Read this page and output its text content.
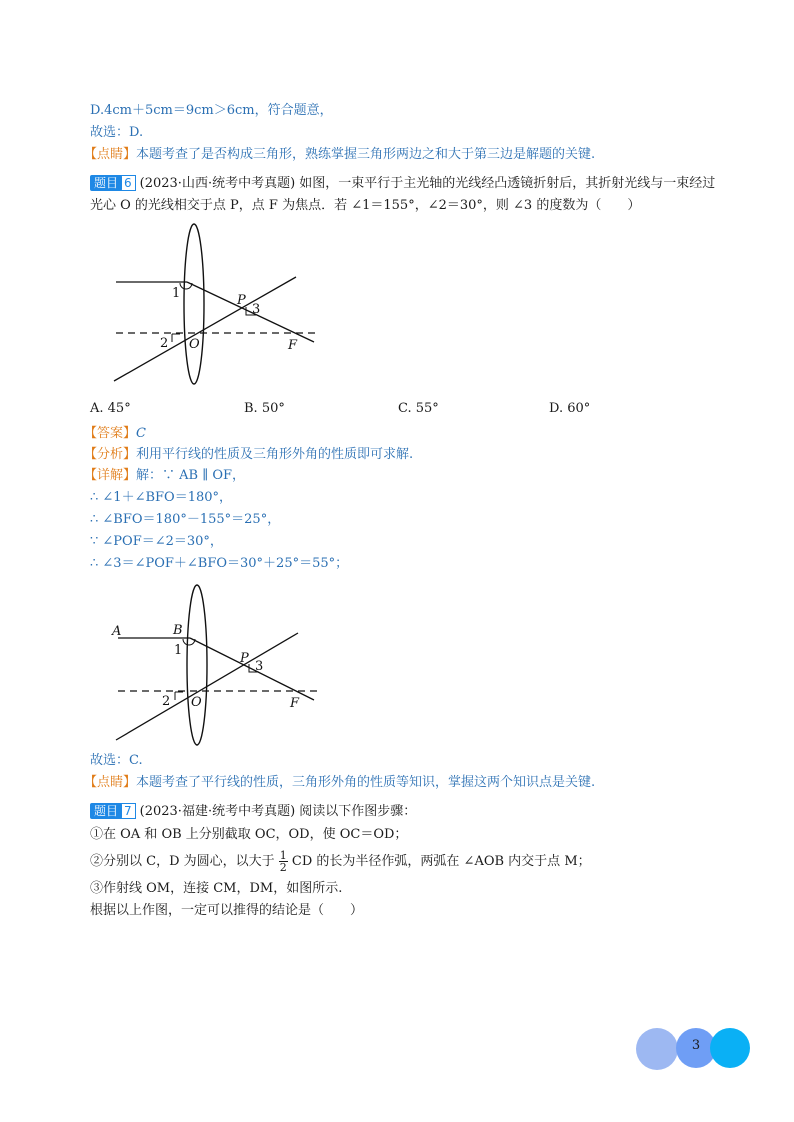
D.4cm＋5cm＝9cm＞6cm，符合题意，
故选：D.
【点睛】本题考查了是否构成三角形，熟练掌握三角形两边之和大于第三边是解题的关键.
题目 6 (2023·山西·统考中考真题) 如图，一束平行于主光轴的光线经凸透镜折射后，其折射光线与一束经过
光心 O 的光线相交于点 P，点 F 为焦点．若 ∠1＝155°，∠2＝30°，则 ∠3 的度数为（　　）
1
2
3
O
P
F
A. 45°	B. 50°	C. 55°	D. 60°
【答案】C
【分析】利用平行线的性质及三角形外角的性质即可求解.
【详解】解：∵ AB ∥ OF，
∴ ∠1＋∠BFO＝180°，
∴ ∠BFO＝180°－155°＝25°，
∵ ∠POF＝∠2＝30°，
∴ ∠3＝∠POF＋∠BFO＝30°＋25°＝55°；
A	B
1
2
3
O
P
F
故选：C.
【点睛】本题考查了平行线的性质，三角形外角的性质等知识，掌握这两个知识点是关键.
题目 7 (2023·福建·统考中考真题) 阅读以下作图步骤：
①在 OA 和 OB 上分别截取 OC，OD，使 OC＝OD；
②分别以 C，D 为圆心，以大于 $\frac{1}{2}$ CD 的长为半径作弧，两弧在 ∠AOB 内交于点 M；
③作射线 OM，连接 CM，DM，如图所示.
根据以上作图，一定可以推得的结论是（　　）
3
